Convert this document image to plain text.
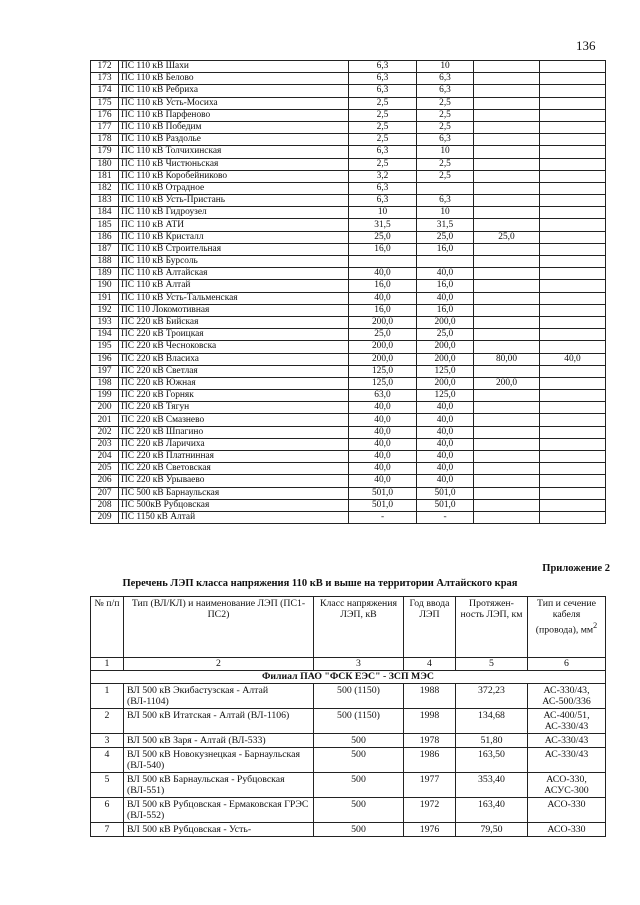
136
172	ПС 110 кВ Шахи	6,3	10		
173	ПС 110 кВ Белово	6,3	6,3		
174	ПС 110 кВ Ребриха	6,3	6,3		
175	ПС 110 кВ Усть-Мосиха	2,5	2,5		
176	ПС 110 кВ Парфеново	2,5	2,5		
177	ПС 110 кВ Победим	2,5	2,5		
178	ПС 110 кВ Раздолье	2,5	6,3		
179	ПС 110 кВ Толчихинская	6,3	10		
180	ПС 110 кВ Чистюньская	2,5	2,5		
181	ПС 110 кВ Коробейниково	3,2	2,5		
182	ПС 110 кВ Отрадное	6,3			
183	ПС 110 кВ Усть-Пристань	6,3	6,3		
184	ПС 110 кВ Гидроузел	10	10		
185	ПС 110 кВ АТИ	31,5	31,5		
186	ПС 110 кВ Кристалл	25,0	25,0	25,0	
187	ПС 110 кВ Строительная	16,0	16,0		
188	ПС 110 кВ Бурсоль				
189	ПС 110 кВ Алтайская	40,0	40,0		
190	ПС 110 кВ Алтай	16,0	16,0		
191	ПС 110 кВ Усть-Тальменская	40,0	40,0		
192	ПС 110 Локомотивная	16,0	16,0		
193	ПС 220 кВ Бийская	200,0	200,0		
194	ПС 220 кВ Троицкая	25,0	25,0		
195	ПС 220 кВ Чесноковска	200,0	200,0		
196	ПС 220 кВ Власиха	200,0	200,0	80,00	40,0
197	ПС 220 кВ Светлая	125,0	125,0		
198	ПС 220 кВ Южная	125,0	200,0	200,0	
199	ПС 220 кВ Горняк	63,0	125,0		
200	ПС 220 кВ Тягун	40,0	40,0		
201	ПС 220 кВ Смазнево	40,0	40,0		
202	ПС 220 кВ Шпагино	40,0	40,0		
203	ПС 220 кВ Ларичиха	40,0	40,0		
204	ПС 220 кВ Платнинная	40,0	40,0		
205	ПС 220 кВ Световская	40,0	40,0		
206	ПС 220 кВ Урываево	40,0	40,0		
207	ПС 500 кВ Барнаульская	501,0	501,0		
208	ПС 500кВ Рубцовская	501,0	501,0		
209	ПС 1150 кВ Алтай	-	-		
Приложение 2
Перечень ЛЭП класса напряжения 110 кВ и выше на территории Алтайского края
№ п/п	Тип (ВЛ/КЛ) и наименование ЛЭП (ПС1-ПС2)	Класс напряжения ЛЭП, кВ	Год ввода ЛЭП	Протяжен-ность ЛЭП, км	Тип и сечение кабеля (провода), $мм^2$
1	2	3	4	5	6
Филиал ПАО "ФСК ЕЭС" - ЗСП МЭС					
1	ВЛ 500 кВ Экибастузская - Алтай (ВЛ-1104)	500 (1150)	1988	372,23	АС-330/43, АС-500/336
2	ВЛ 500 кВ Итатская - Алтай (ВЛ-1106)	500 (1150)	1998	134,68	АС-400/51, АС-330/43
3	ВЛ 500 кВ Заря - Алтай (ВЛ-533)	500	1978	51,80	АС-330/43
4	ВЛ 500 кВ Новокузнецкая - Барнаульская (ВЛ-540)	500	1986	163,50	АС-330/43
5	ВЛ 500 кВ Барнаульская - Рубцовская (ВЛ-551)	500	1977	353,40	АСО-330, АСУС-300
6	ВЛ 500 кВ Рубцовская - Ермаковская ГРЭС (ВЛ-552)	500	1972	163,40	АСО-330
7	ВЛ 500 кВ Рубцовская - Усть-	500	1976	79,50	АСО-330
